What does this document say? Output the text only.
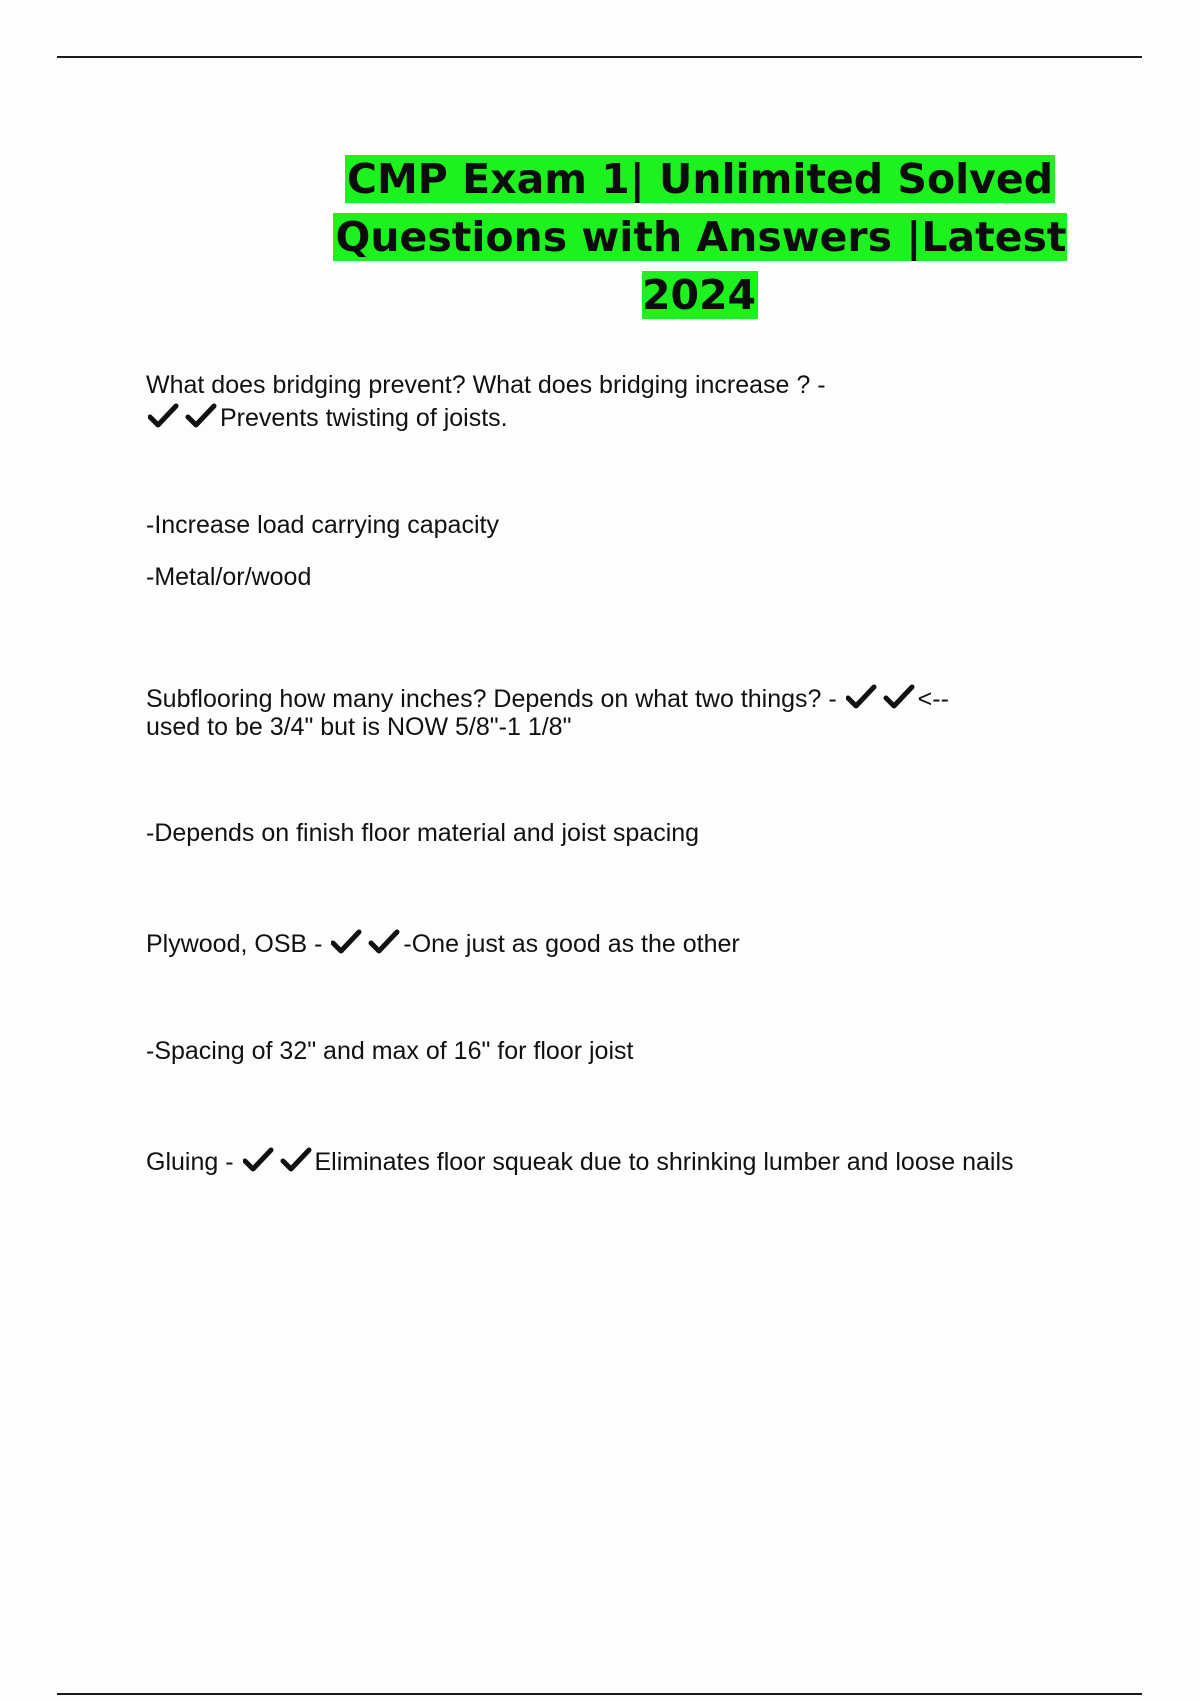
CMP Exam 1| Unlimited Solved
Questions with Answers |Latest 2024

What does bridging prevent? What does bridging increase ? -

Prevents twisting of joists.

-Increase load carrying capacity

-Metal/or/wood

Subflooring how many inches? Depends on what two things? -	<--

used to be 3/4" but is NOW 5/8"-1 1/8"

-Depends on finish floor material and joist spacing

Plywood, OSB -	-One just as good as the other

-Spacing of 32" and max of 16" for floor joist

Gluing -	Eliminates floor squeak due to shrinking lumber and loose nails
